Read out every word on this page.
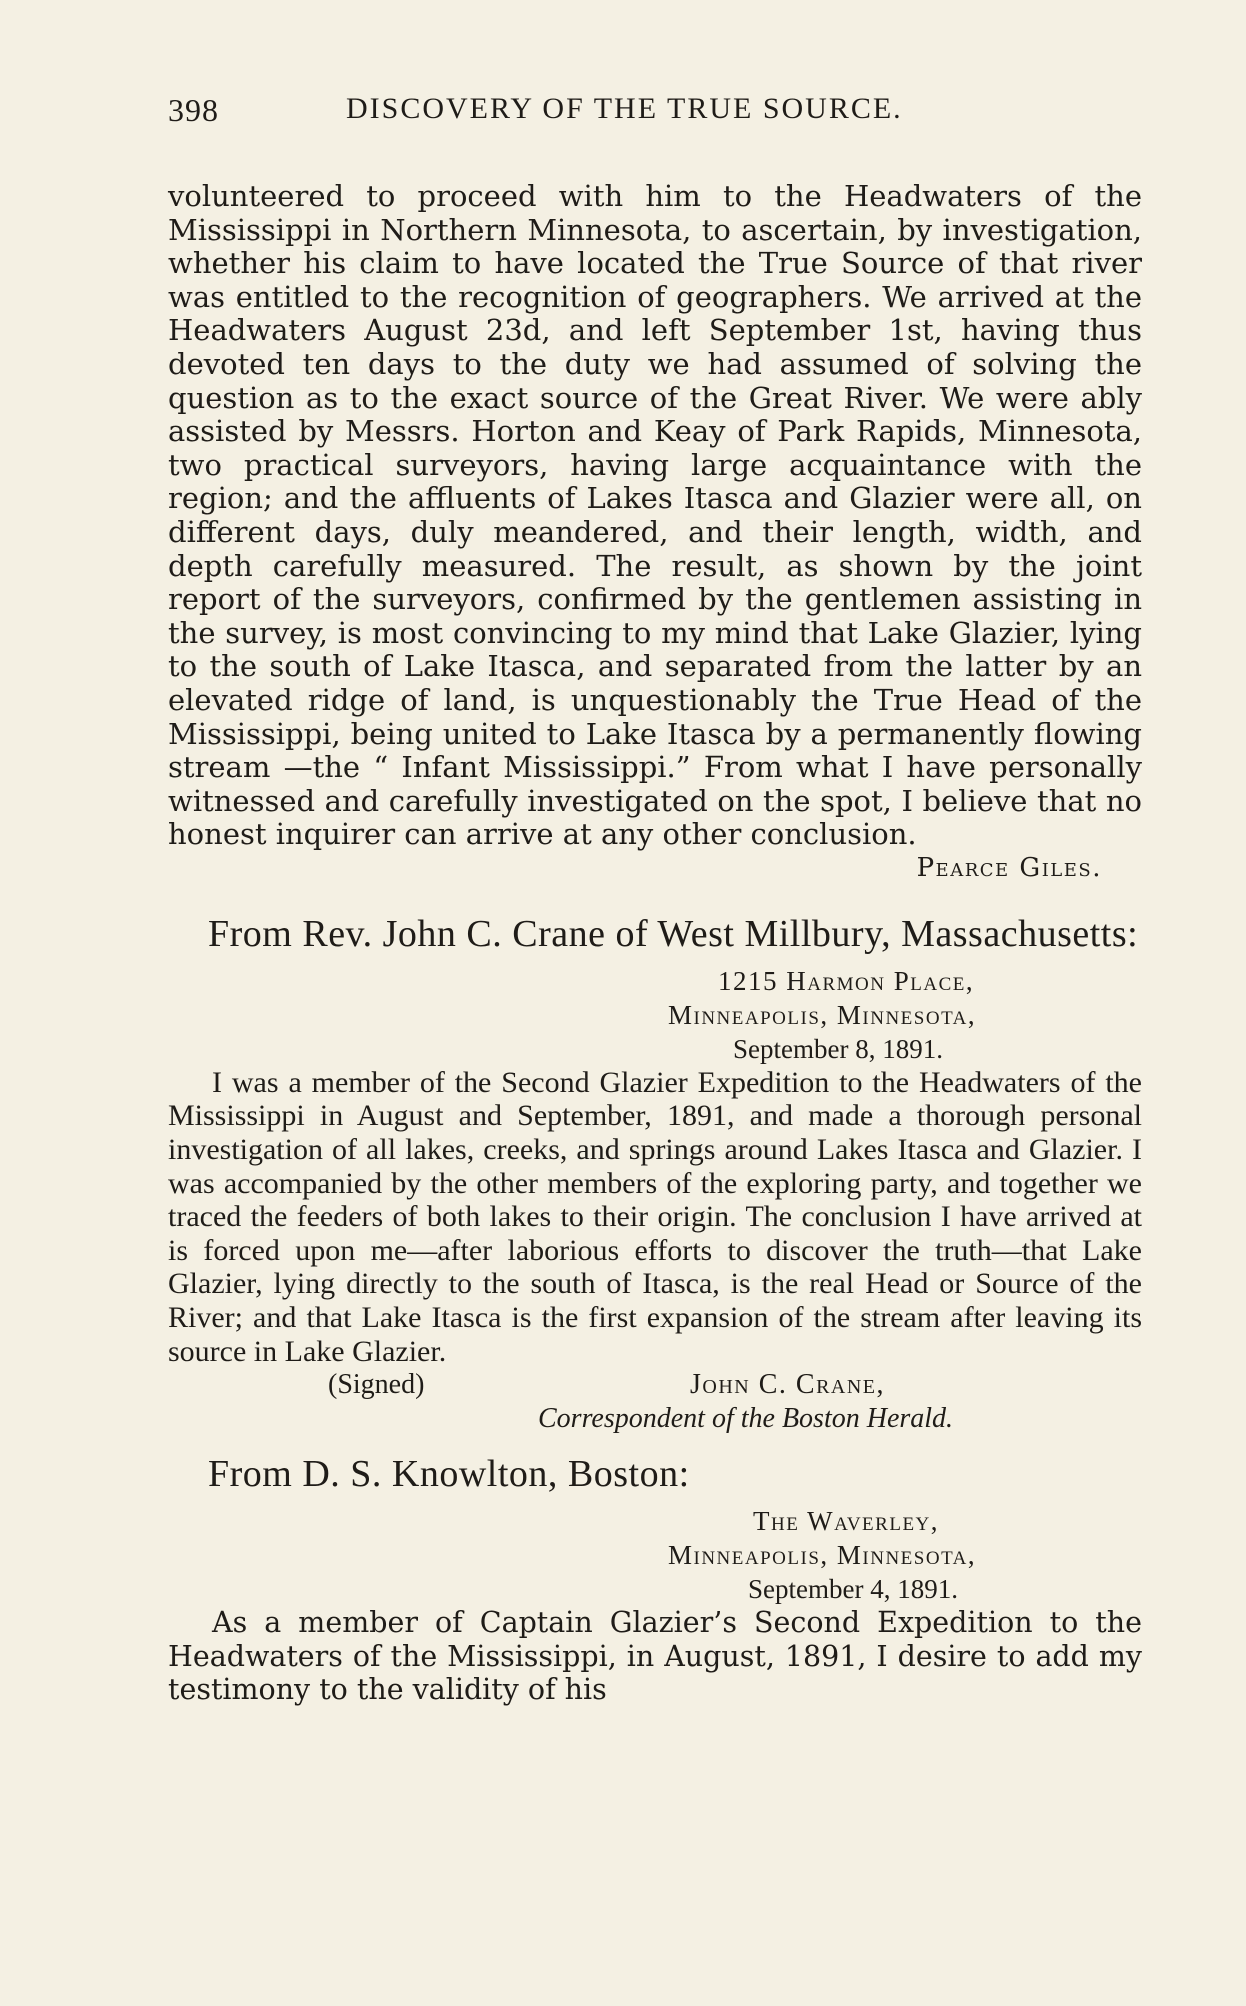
398	DISCOVERY OF THE TRUE SOURCE.

volunteered to proceed with him to the Headwaters of the Mississippi in Northern Minnesota, to ascertain, by investigation, whether his claim to have located the True Source of that river was entitled to the recognition of geographers. We arrived at the Headwaters August 23d, and left September 1st, having thus devoted ten days to the duty we had assumed of solving the question as to the exact source of the Great River. We were ably assisted by Messrs. Horton and Keay of Park Rapids, Minnesota, two practical surveyors, having large acquaintance with the region; and the affluents of Lakes Itasca and Glazier were all, on different days, duly meandered, and their length, width, and depth carefully measured. The result, as shown by the joint report of the surveyors, confirmed by the gentlemen assisting in the survey, is most convincing to my mind that Lake Glazier, lying to the south of Lake Itasca, and separated from the latter by an elevated ridge of land, is unquestionably the True Head of the Mississippi, being united to Lake Itasca by a permanently flowing stream —the “ Infant Mississippi.” From what I have personally witnessed and carefully investigated on the spot, I believe that no honest inquirer can arrive at any other conclusion.

Pearce Giles.

From Rev. John C. Crane of West Millbury, Massachusetts:

1215 Harmon Place,
Minneapolis, Minnesota,
September 8, 1891.

I was a member of the Second Glazier Expedition to the Headwaters of the Mississippi in August and September, 1891, and made a thorough personal investigation of all lakes, creeks, and springs around Lakes Itasca and Glazier. I was accompanied by the other members of the exploring party, and together we traced the feeders of both lakes to their origin. The conclusion I have arrived at is forced upon me—after laborious efforts to discover the truth—that Lake Glazier, lying directly to the south of Itasca, is the real Head or Source of the River; and that Lake Itasca is the first expansion of the stream after leaving its source in Lake Glazier.

(Signed)	John C. Crane,
Correspondent of the Boston Herald.

From D. S. Knowlton, Boston:

The Waverley,
Minneapolis, Minnesota,
September 4, 1891.

As a member of Captain Glazier’s Second Expedition to the Headwaters of the Mississippi, in August, 1891, I desire to add my testimony to the validity of his
